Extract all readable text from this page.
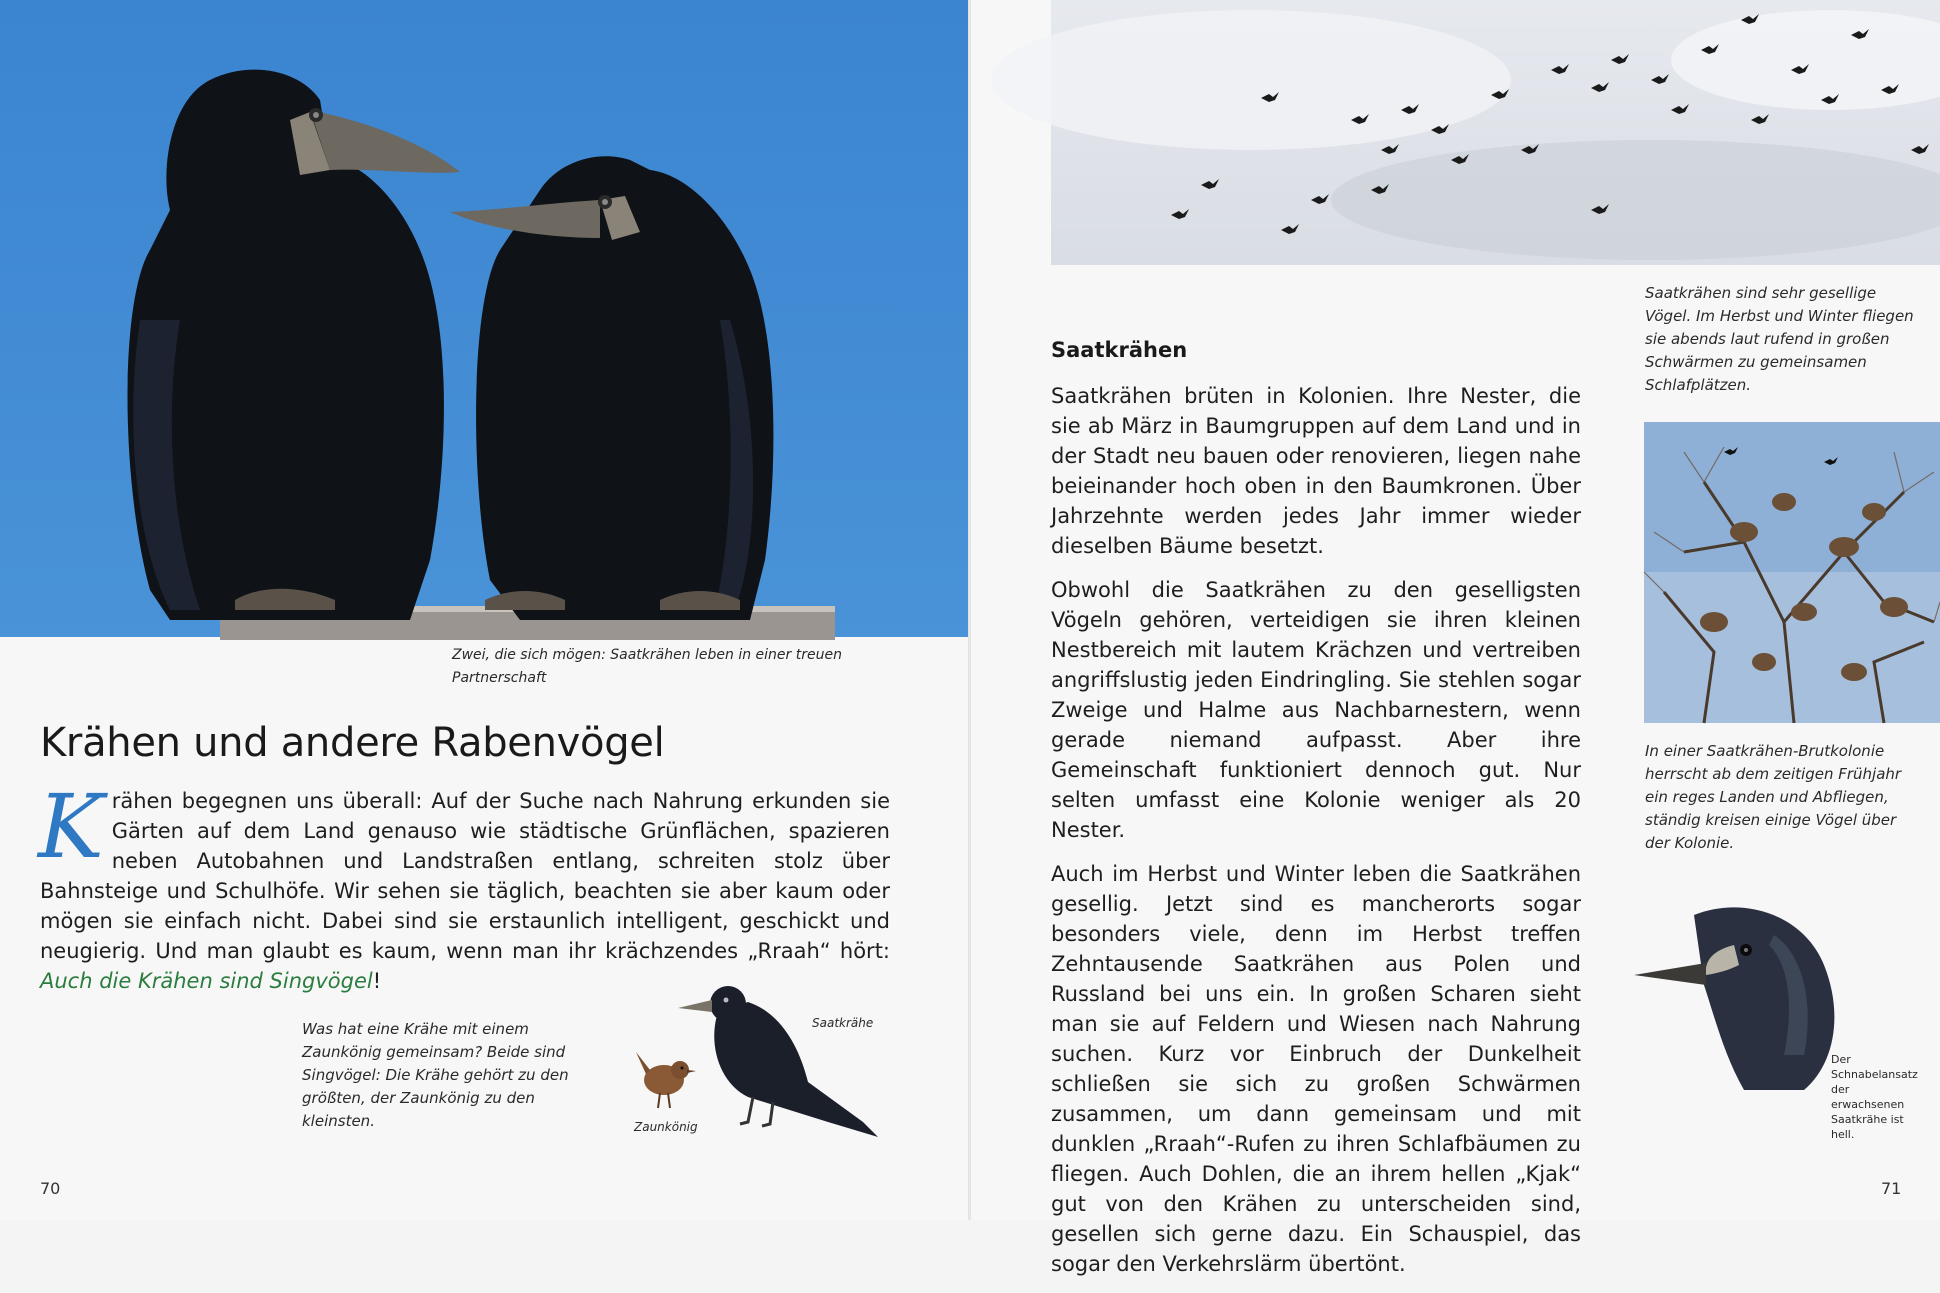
Zwei, die sich mögen: Saatkrähen leben in einer treuen Partnerschaft
Krähen und andere Rabenvögel
Krähen begegnen uns überall: Auf der Suche nach Nahrung erkunden sie Gärten auf dem Land genauso wie städtische Grünflächen, spazieren neben Autobahnen und Landstraßen entlang, schreiten stolz über Bahnsteige und Schulhöfe. Wir sehen sie täglich, beachten sie aber kaum oder mögen sie einfach nicht. Dabei sind sie erstaunlich intelligent, geschickt und neugierig. Und man glaubt es kaum, wenn man ihr krächzendes „Rraah“ hört: Auch die Krähen sind Singvögel!
Was hat eine Krähe mit einem Zaunkönig gemeinsam? Beide sind Singvögel: Die Krähe gehört zu den größten, der Zaunkönig zu den kleinsten.	Zaunkönig
Saatkrähe
70
Saatkrähen sind sehr gesellige Vögel. Im Herbst und Winter fliegen sie abends laut rufend in großen Schwärmen zu gemeinsamen Schlafplätzen.
Saatkrähen

Saatkrähen brüten in Kolonien. Ihre Nester, die sie ab März in Baumgruppen auf dem Land und in der Stadt neu bauen oder renovieren, liegen nahe beieinander hoch oben in den Baumkronen. Über Jahrzehnte werden jedes Jahr immer wieder dieselben Bäume besetzt.

Obwohl die Saatkrähen zu den geselligsten Vögeln gehören, verteidigen sie ihren kleinen Nestbereich mit lautem Krächzen und vertreiben angriffslustig jeden Eindringling. Sie stehlen sogar Zweige und Halme aus Nachbarnestern, wenn gerade niemand aufpasst. Aber ihre Gemeinschaft funktioniert dennoch gut. Nur selten umfasst eine Kolonie weniger als 20 Nester.

Auch im Herbst und Winter leben die Saatkrähen gesellig. Jetzt sind es mancherorts sogar besonders viele, denn im Herbst treffen Zehntausende Saatkrähen aus Polen und Russland bei uns ein. In großen Scharen sieht man sie auf Feldern und Wiesen nach Nahrung suchen. Kurz vor Einbruch der Dunkelheit schließen sie sich zu großen Schwärmen zusammen, um dann gemeinsam und mit dunklen „Rraah“-Rufen zu ihren Schlafbäumen zu fliegen. Auch Dohlen, die an ihrem hellen „Kjak“ gut von den Krähen zu unterscheiden sind, gesellen sich gerne dazu. Ein Schauspiel, das sogar den Verkehrslärm übertönt.

In einer Saatkrähen-Brutkolonie herrscht ab dem zeitigen Frühjahr ein reges Landen und Abfliegen, ständig kreisen einige Vögel über der Kolonie.
Der Schnabelansatz der erwachsenen Saatkrähe ist hell.
71
